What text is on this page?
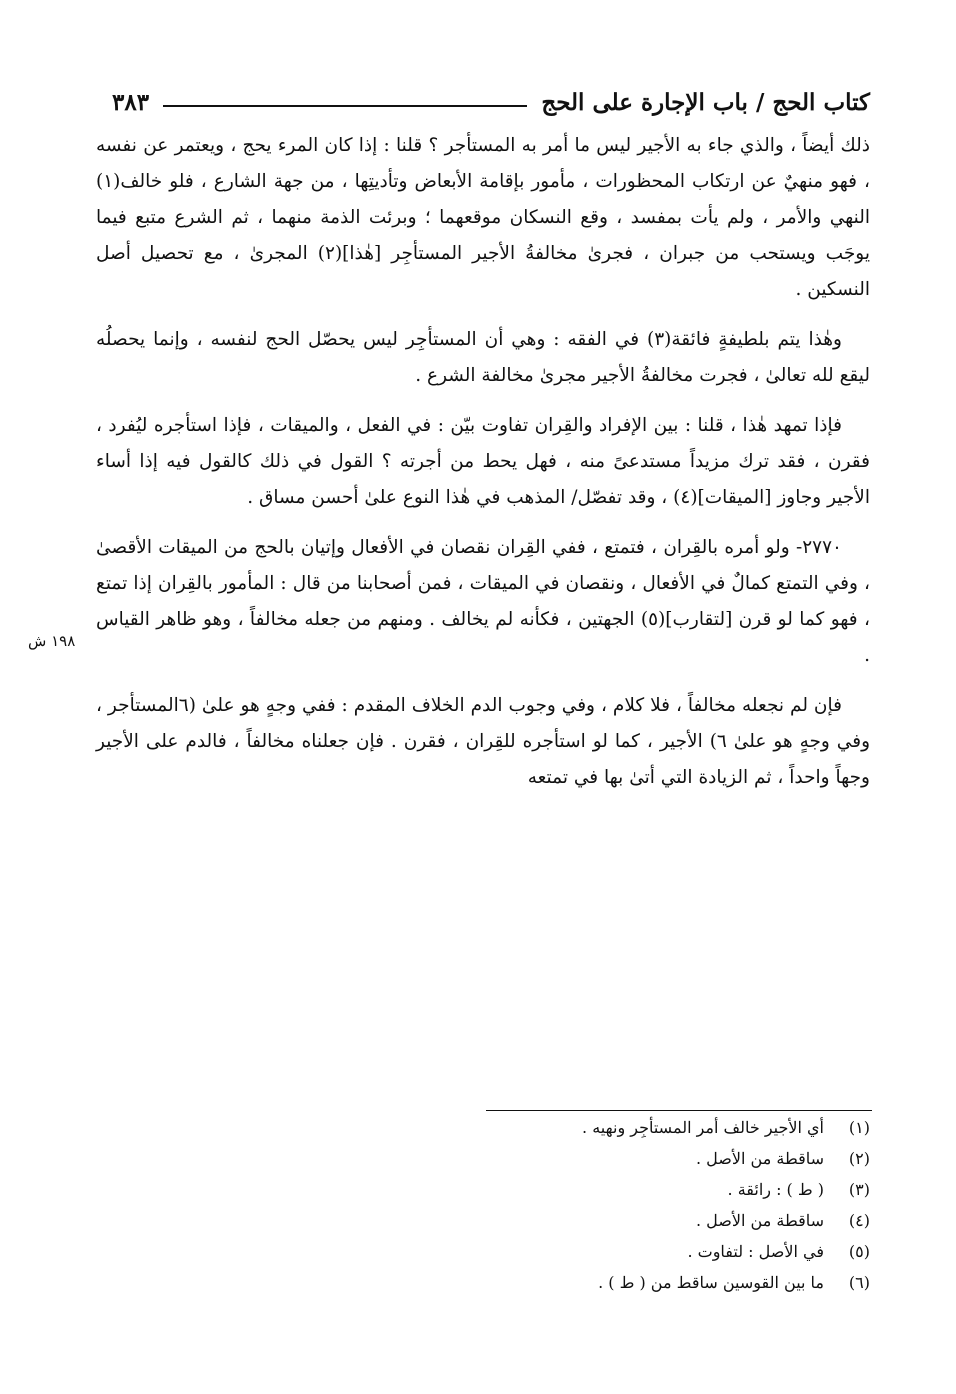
كتاب الحج / باب الإجارة على الحج
٣٨٣

ذلك أيضاً ، والذي جاء به الأجير ليس ما أمر به المستأجر ؟ قلنا : إذا كان المرء يحج ، ويعتمر عن نفسه ، فهو منهيٌ عن ارتكاب المحظورات ، مأمور بإقامة الأبعاض وتأديتِها ، من جهة الشارع ، فلو خالف(١) النهي والأمر ، ولم يأت بمفسد ، وقع النسكان موقعهما ؛ وبرئت الذمة منهما ، ثم الشرع متبع فيما يوجَب ويستحب من جبران ، فجرىٰ مخالفةُ الأجير المستأجِر [هٰذا](٢) المجرىٰ ، مع تحصيل أصل النسكين .

وهٰذا يتم بلطيفةٍ فائقة(٣) في الفقه : وهي أن المستأجِر ليس يحصّل الحج لنفسه ، وإنما يحصلُه ليقع لله تعالىٰ ، فجرت مخالفةُ الأجير مجرىٰ مخالفة الشرع .

فإذا تمهد هٰذا ، قلنا : بين الإفراد والقِران تفاوت بيّن : في الفعل ، والميقات ، فإذا استأجره ليُفرد ، فقرن ، فقد ترك مزيداً مستدعىً منه ، فهل يحط من أجرته ؟ القول في ذلك كالقول فيه إذا أساء الأجير وجاوز [الميقات](٤) ، وقد تفصّل/ المذهب في هٰذا النوع علىٰ أحسن مساق .

٢٧٧٠- ولو أمره بالقِران ، فتمتع ، ففي القِران نقصان في الأفعال وإتيان بالحج من الميقات الأقصىٰ ، وفي التمتع كمالٌ في الأفعال ، ونقصان في الميقات ، فمن أصحابنا من قال : المأمور بالقِران إذا تمتع ، فهو كما لو قرن [لتقارب](٥) الجهتين ، فكأنه لم يخالف . ومنهم من جعله مخالفاً ، وهو ظاهر القياس .

فإن لم نجعله مخالفاً ، فلا كلام ، وفي وجوب الدم الخلاف المقدم : ففي وجهٍ هو علىٰ (٦المستأجر ، وفي وجهٍ هو علىٰ ٦) الأجير ، كما لو استأجره للقِران ، فقرن . فإن جعلناه مخالفاً ، فالدم على الأجير وجهاً واحداً ، ثم الزيادة التي أتىٰ بها في تمتعه

١٩٨ ش
(١)
أي الأجير خالف أمر المستأجِر ونهيه .
(٢)
ساقطة من الأصل .
(٣)
( ط ) : رائقة .
(٤)
ساقطة من الأصل .
(٥)
في الأصل : لتفاوت .
(٦)
ما بين القوسين ساقط من ( ط ) .
